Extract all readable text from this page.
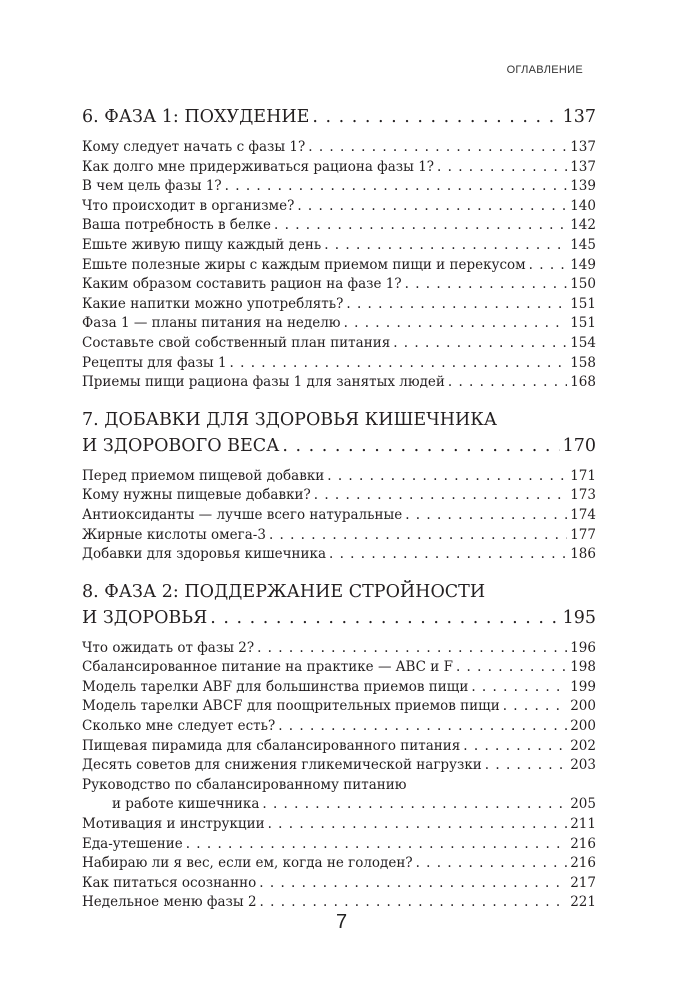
ОГЛАВЛЕНИЕ
6. ФАЗА 1: ПОХУДЕНИЕ . . .	137
Кому следует начать с фазы 1? . . .	137
Как долго мне придерживаться рациона фазы 1? . . .	137
В чем цель фазы 1? . . .	139
Что происходит в организме? . . .	140
Ваша потребность в белке . . .	142
Ешьте живую пищу каждый день . . .	145
Ешьте полезные жиры с каждым приемом пищи и перекусом . . .	149
Каким образом составить рацион на фазе 1? . . .	150
Какие напитки можно употреблять? . . .	151
Фаза 1 — планы питания на неделю . . .	151
Составьте свой собственный план питания . . .	154
Рецепты для фазы 1 . . .	158
Приемы пищи рациона фазы 1 для занятых людей . . .	168
7. ДОБАВКИ ДЛЯ ЗДОРОВЬЯ КИШЕЧНИКА
И ЗДОРОВОГО ВЕСА . . .	170
Перед приемом пищевой добавки . . .	171
Кому нужны пищевые добавки? . . .	173
Антиоксиданты — лучше всего натуральные . . .	174
Жирные кислоты омега-3 . . .	177
Добавки для здоровья кишечника . . .	186
8. ФАЗА 2: ПОДДЕРЖАНИЕ СТРОЙНОСТИ
И ЗДОРОВЬЯ . . .	195
Что ожидать от фазы 2? . . .	196
Сбалансированное питание на практике — ABC и F . . .	198
Модель тарелки ABF для большинства приемов пищи . . .	199
Модель тарелки ABCF для поощрительных приемов пищи . . .	200
Сколько мне следует есть? . . .	200
Пищевая пирамида для сбалансированного питания . . .	202
Десять советов для снижения гликемической нагрузки . . .	203
Руководство по сбалансированному питанию
и работе кишечника . . .	205
Мотивация и инструкции . . .	211
Еда-утешение . . .	216
Набираю ли я вес, если ем, когда не голоден? . . .	216
Как питаться осознанно . . .	217
Недельное меню фазы 2 . . .	221
7
